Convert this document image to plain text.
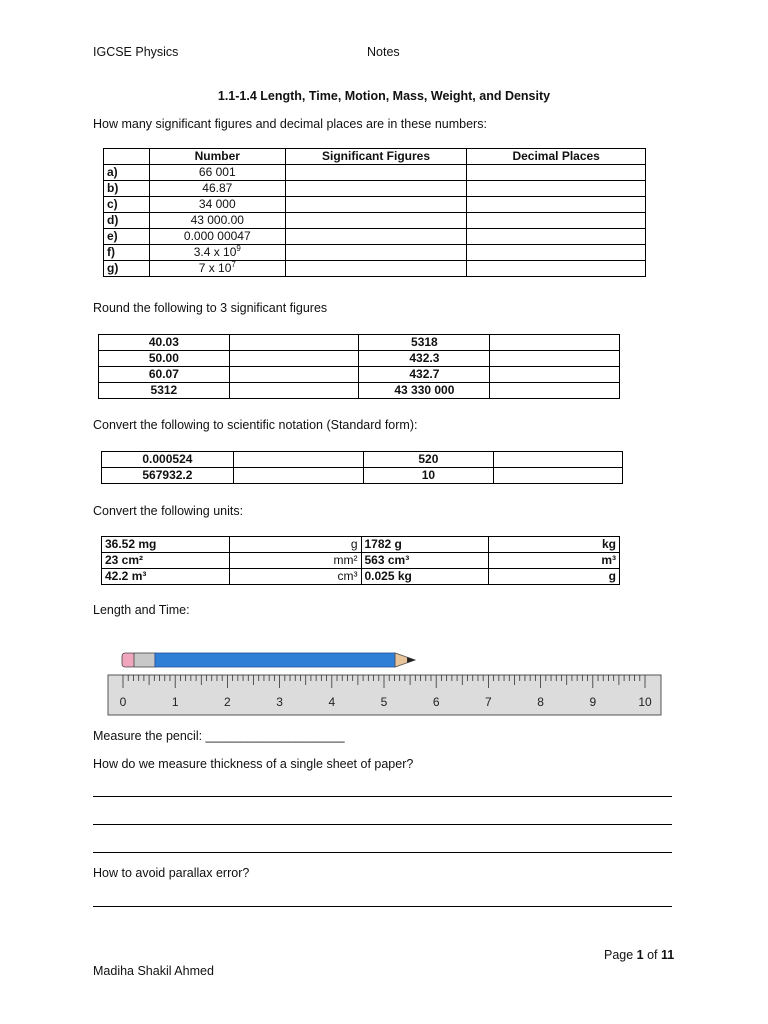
IGCSE Physics	Notes
1.1-1.4 Length, Time, Motion, Mass, Weight, and Density
How many significant figures and decimal places are in these numbers:
	Number	Significant Figures	Decimal Places
a)	66 001		
b)	46.87		
c)	34 000		
d)	43 000.00		
e)	0.000 00047		
f)	3.4 x $10^9$		
g)	7 x $10^7$		
Round the following to 3 significant figures
40.03		5318	
50.00		432.3	
60.07		432.7	
5312		43 330 000	
Convert the following to scientific notation (Standard form):
0.000524		520	
567932.2		10	
Convert the following units:
36.52 mg	g	1782 g	kg
23 cm²	mm²	563 cm³	m³
42.2 m³	cm³	0.025 kg	g
Length and Time:
0	1	2	3	4	5	6	7	8	9	10
Measure the pencil: ____________________
How do we measure thickness of a single sheet of paper?
How to avoid parallax error?
Page 1 of 11
Madiha Shakil Ahmed
